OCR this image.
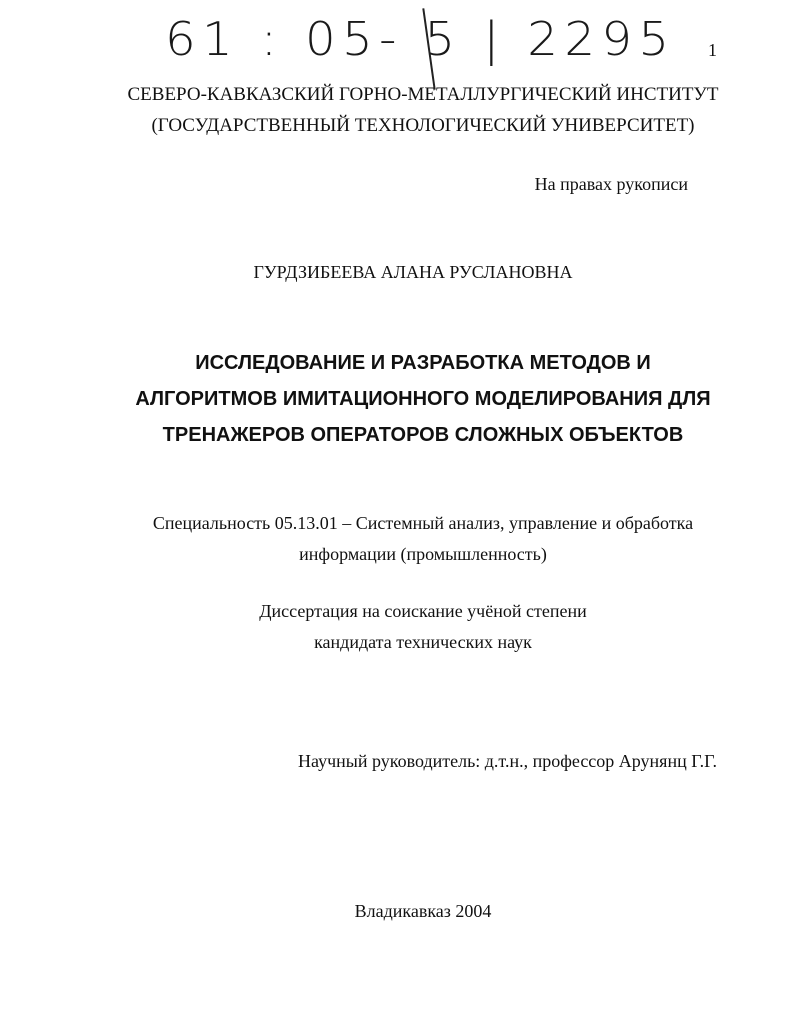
61 : 05- 5 | 2295 1
СЕВЕРО-КАВКАЗСКИЙ ГОРНО-МЕТАЛЛУРГИЧЕСКИЙ ИНСТИТУТ
(ГОСУДАРСТВЕННЫЙ ТЕХНОЛОГИЧЕСКИЙ УНИВЕРСИТЕТ)
На правах рукописи
ГУРДЗИБЕЕВА АЛАНА РУСЛАНОВНА
ИССЛЕДОВАНИЕ И РАЗРАБОТКА МЕТОДОВ И
АЛГОРИТМОВ ИМИТАЦИОННОГО МОДЕЛИРОВАНИЯ ДЛЯ
ТРЕНАЖЕРОВ ОПЕРАТОРОВ СЛОЖНЫХ ОБЪЕКТОВ
Специальность 05.13.01 – Системный анализ, управление и обработка
информации (промышленность)
Диссертация на соискание учёной степени
кандидата технических наук
Научный руководитель: д.т.н., профессор Арунянц Г.Г.
Владикавказ 2004
